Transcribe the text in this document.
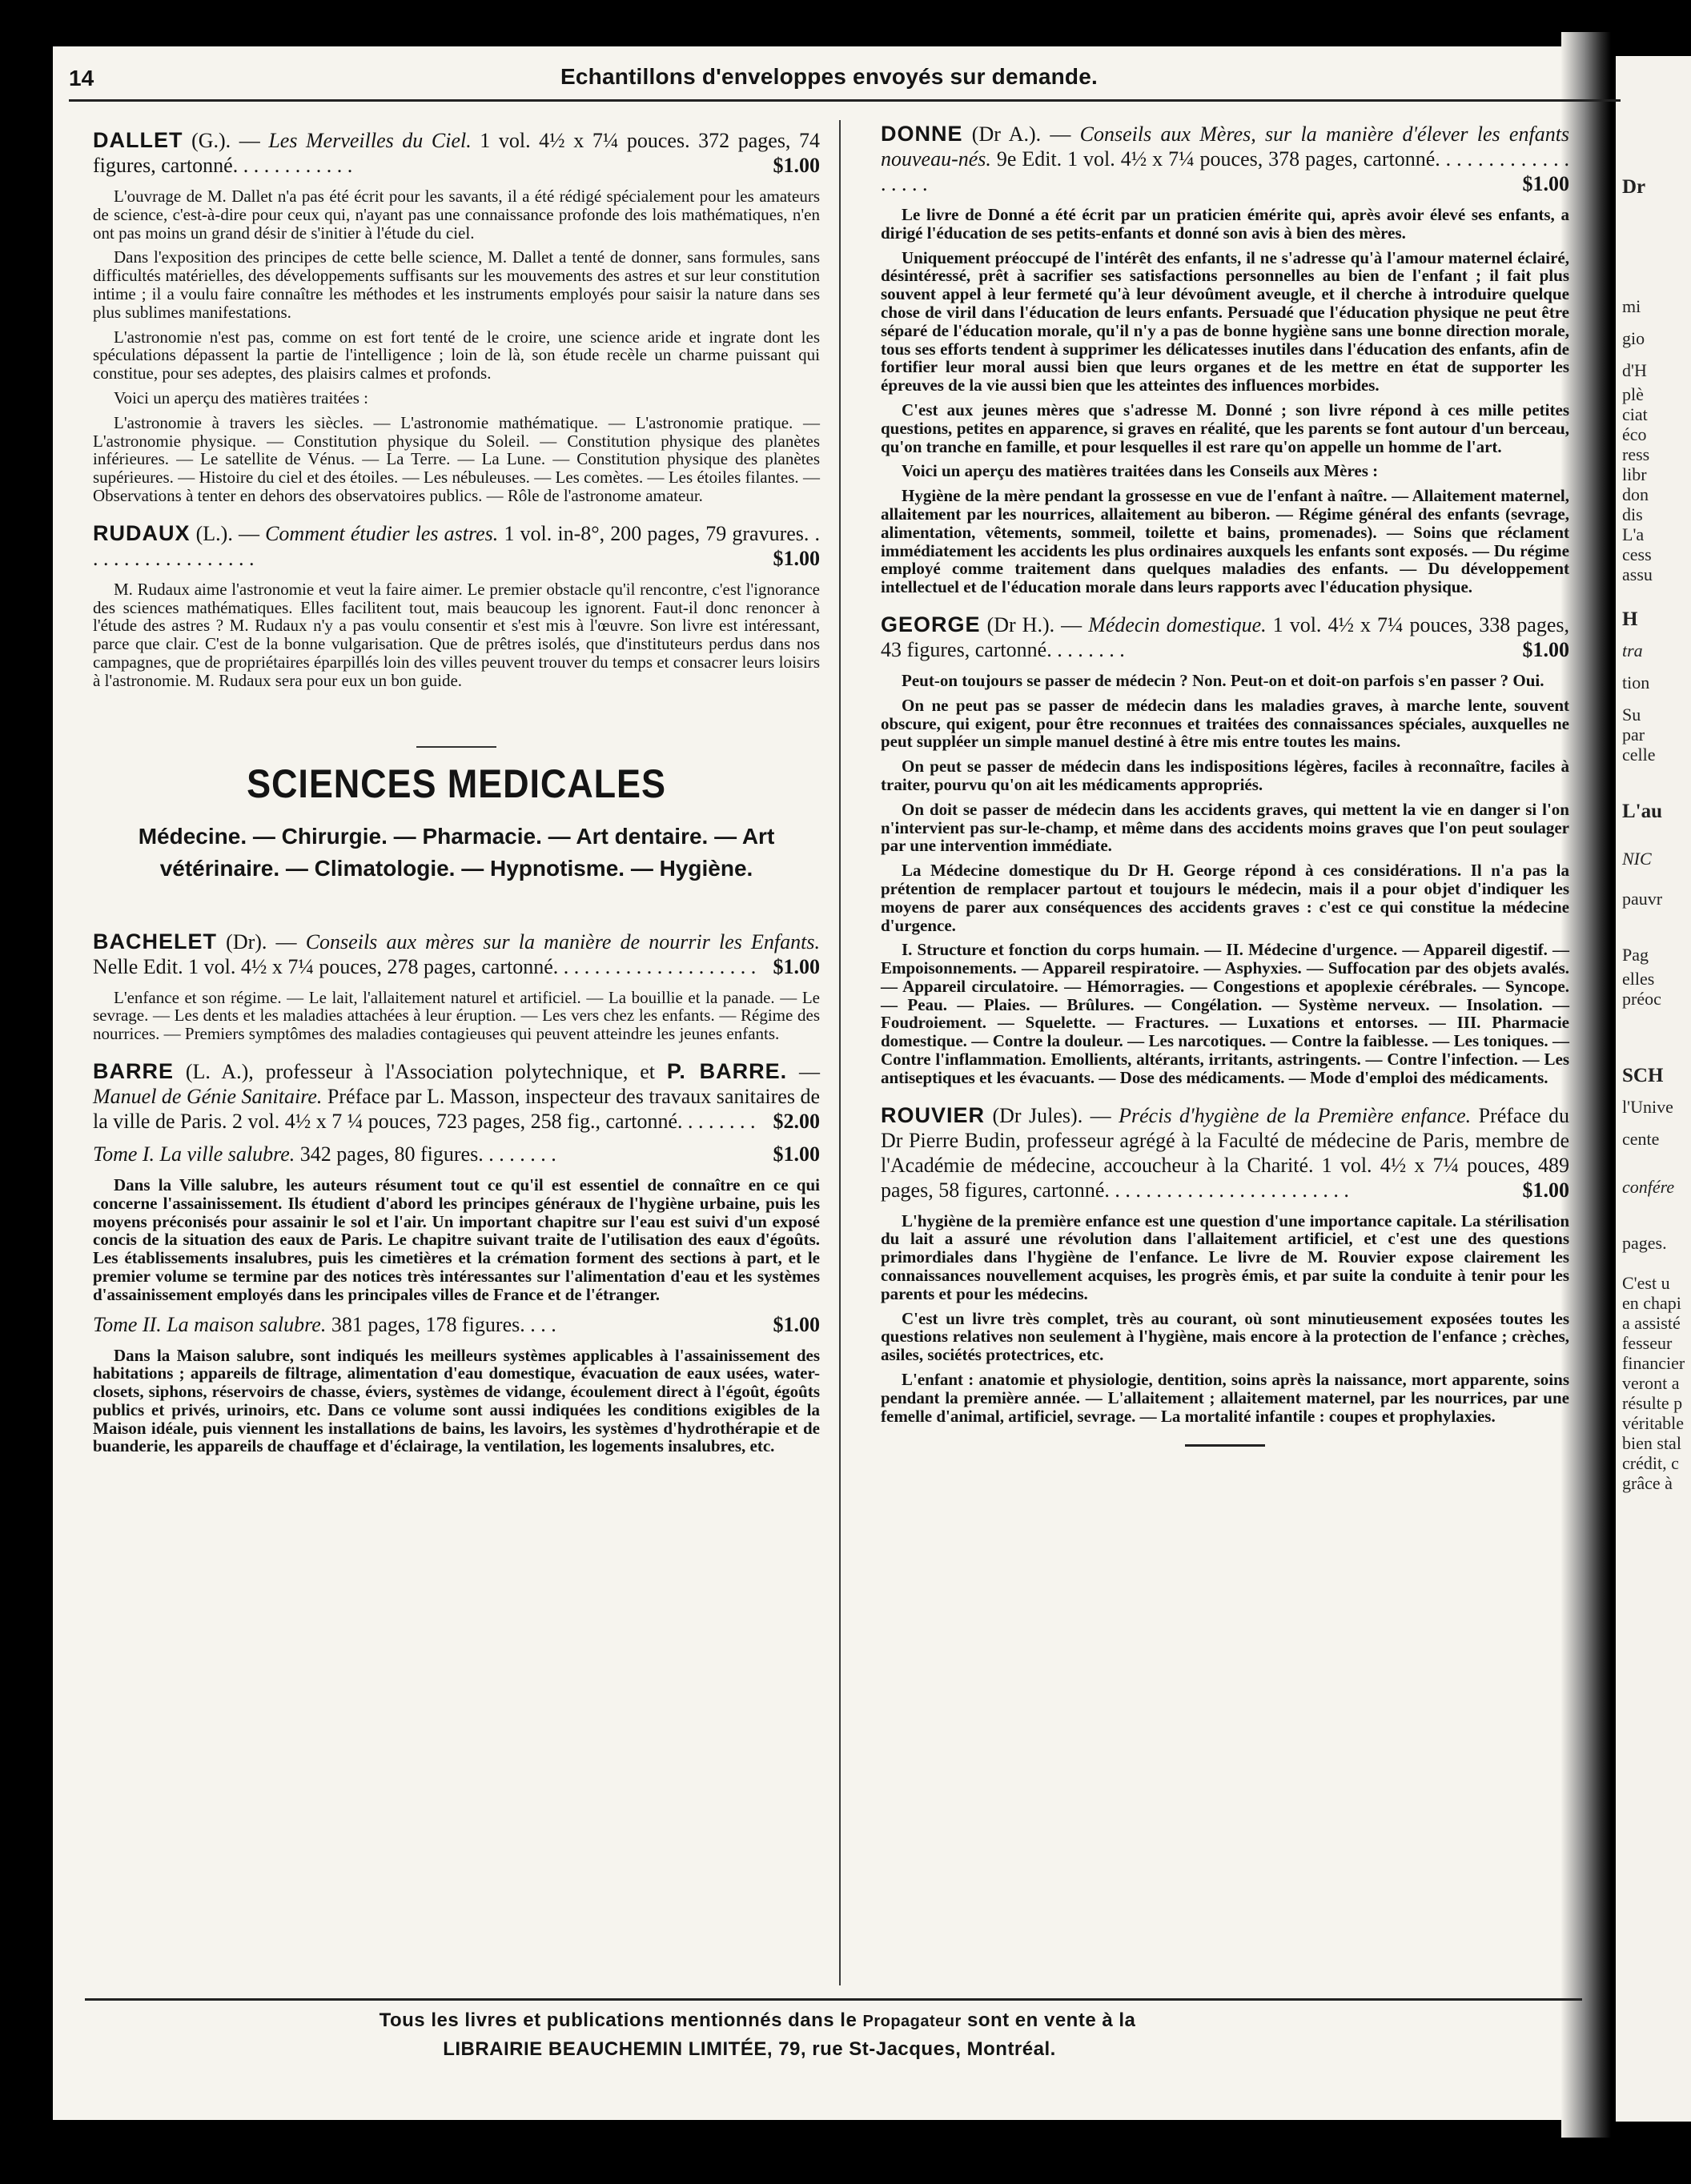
Dr
mi
gio
d'H
plè
ciat
éco
ress
libr
don
dis
L'a
cess
assu
H
tra
tion
Su
par
celle
L'au
NIC
pauvr
Pag
elles
préoc
SCH
l'Unive
cente
confére
pages.
C'est u
en chapi
a assisté
fesseur
financier
veront a
résulte p
véritable
bien stal
crédit, c
grâce à
14	Echantillons d'enveloppes envoyés sur demande.

DALLET (G.). — Les Merveilles du Ciel. 1 vol. 4½ x 7¼ pouces. 372 pages, 74 figures, cartonné. . . . . . . . . . . .	$1.00

L'ouvrage de M. Dallet n'a pas été écrit pour les savants, il a été rédigé spécialement pour les amateurs de science, c'est-à-dire pour ceux qui, n'ayant pas une connaissance profonde des lois mathématiques, n'en ont pas moins un grand désir de s'initier à l'étude du ciel.

Dans l'exposition des principes de cette belle science, M. Dallet a tenté de donner, sans formules, sans difficultés matérielles, des développements suffisants sur les mouvements des astres et sur leur constitution intime ; il a voulu faire connaître les méthodes et les instruments employés pour saisir la nature dans ses plus sublimes manifestations.

L'astronomie n'est pas, comme on est fort tenté de le croire, une science aride et ingrate dont les spéculations dépassent la partie de l'intelligence ; loin de là, son étude recèle un charme puissant qui constitue, pour ses adeptes, des plaisirs calmes et profonds.

Voici un aperçu des matières traitées :

L'astronomie à travers les siècles. — L'astronomie mathématique. — L'astronomie pratique. — L'astronomie physique. — Constitution physique du Soleil. — Constitution physique des planètes inférieures. — Le satellite de Vénus. — La Terre. — La Lune. — Constitution physique des planètes supérieures. — Histoire du ciel et des étoiles. — Les nébuleuses. — Les comètes. — Les étoiles filantes. — Observations à tenter en dehors des observatoires publics. — Rôle de l'astronome amateur.

RUDAUX (L.). — Comment étudier les astres. 1 vol. in-8°, 200 pages, 79 gravures. . . . . . . . . . . . . . . . . .	$1.00

M. Rudaux aime l'astronomie et veut la faire aimer. Le premier obstacle qu'il rencontre, c'est l'ignorance des sciences mathématiques. Elles facilitent tout, mais beaucoup les ignorent. Faut-il donc renoncer à l'étude des astres ? M. Rudaux n'y a pas voulu consentir et s'est mis à l'œuvre. Son livre est intéressant, parce que clair. C'est de la bonne vulgarisation. Que de prêtres isolés, que d'instituteurs perdus dans nos campagnes, que de propriétaires éparpillés loin des villes peuvent trouver du temps et consacrer leurs loisirs à l'astronomie. M. Rudaux sera pour eux un bon guide.

SCIENCES MEDICALES
Médecine. — Chirurgie. — Pharmacie. — Art dentaire. — Art
vétérinaire. — Climatologie. — Hypnotisme. — Hygiène.

BACHELET (Dr). — Conseils aux mères sur la manière de nourrir les Enfants. Nelle Edit. 1 vol. 4½ x 7¼ pouces, 278 pages, cartonné. . . . . . . . . . . . . . . . . . . . $1.00

L'enfance et son régime. — Le lait, l'allaitement naturel et artificiel. — La bouillie et la panade. — Le sevrage. — Les dents et les maladies attachées à leur éruption. — Les vers chez les enfants. — Régime des nourrices. — Premiers symptômes des maladies contagieuses qui peuvent atteindre les jeunes enfants.

BARRE (L. A.), professeur à l'Association polytechnique, et P. BARRE. — Manuel de Génie Sanitaire. Préface par L. Masson, inspecteur des travaux sanitaires de la ville de Paris. 2 vol. 4½ x 7 ¼ pouces, 723 pages, 258 fig., cartonné. . . . . . . . $2.00

Tome I. La ville salubre. 342 pages, 80 figures. . . . . . . .	$1.00

Dans la Ville salubre, les auteurs résument tout ce qu'il est essentiel de connaître en ce qui concerne l'assainissement. Ils étudient d'abord les principes généraux de l'hygiène urbaine, puis les moyens préconisés pour assainir le sol et l'air. Un important chapitre sur l'eau est suivi d'un exposé concis de la situation des eaux de Paris. Le chapitre suivant traite de l'utilisation des eaux d'égoûts. Les établissements insalubres, puis les cimetières et la crémation forment des sections à part, et le premier volume se termine par des notices très intéressantes sur l'alimentation d'eau et les systèmes d'assainissement employés dans les principales villes de France et de l'étranger.

Tome II. La maison salubre. 381 pages, 178 figures. . . .	$1.00

Dans la Maison salubre, sont indiqués les meilleurs systèmes applicables à l'assainissement des habitations ; appareils de filtrage, alimentation d'eau domestique, évacuation de eaux usées, water-closets, siphons, réservoirs de chasse, éviers, systèmes de vidange, écoulement direct à l'égoût, égoûts publics et privés, urinoirs, etc. Dans ce volume sont aussi indiquées les conditions exigibles de la Maison idéale, puis viennent les installations de bains, les lavoirs, les systèmes d'hydrothérapie et de buanderie, les appareils de chauffage et d'éclairage, la ventilation, les logements insalubres, etc.

DONNE (Dr A.). — Conseils aux Mères, sur la manière d'élever les enfants nouveau-nés. 9e Edit. 1 vol. 4½ x 7¼ pouces, 378 pages, cartonné. . . . . . . . . . . . . . . . . .	$1.00

Le livre de Donné a été écrit par un praticien émérite qui, après avoir élevé ses enfants, a dirigé l'éducation de ses petits-enfants et donné son avis à bien des mères.

Uniquement préoccupé de l'intérêt des enfants, il ne s'adresse qu'à l'amour maternel éclairé, désintéressé, prêt à sacrifier ses satisfactions personnelles au bien de l'enfant ; il fait plus souvent appel à leur fermeté qu'à leur dévoûment aveugle, et il cherche à introduire quelque chose de viril dans l'éducation de leurs enfants. Persuadé que l'éducation physique ne peut être séparé de l'éducation morale, qu'il n'y a pas de bonne hygiène sans une bonne direction morale, tous ses efforts tendent à supprimer les délicatesses inutiles dans l'éducation des enfants, afin de fortifier leur moral aussi bien que leurs organes et de les mettre en état de supporter les épreuves de la vie aussi bien que les atteintes des influences morbides.

C'est aux jeunes mères que s'adresse M. Donné ; son livre répond à ces mille petites questions, petites en apparence, si graves en réalité, que les parents se font autour d'un berceau, qu'on tranche en famille, et pour lesquelles il est rare qu'on appelle un homme de l'art.

Voici un aperçu des matières traitées dans les Conseils aux Mères :

Hygiène de la mère pendant la grossesse en vue de l'enfant à naître. — Allaitement maternel, allaitement par les nourrices, allaitement au biberon. — Régime général des enfants (sevrage, alimentation, vêtements, sommeil, toilette et bains, promenades). — Soins que réclament immédiatement les accidents les plus ordinaires auxquels les enfants sont exposés. — Du régime employé comme traitement dans quelques maladies des enfants. — Du développement intellectuel et de l'éducation morale dans leurs rapports avec l'éducation physique.

GEORGE (Dr H.). — Médecin domestique. 1 vol. 4½ x 7¼ pouces, 338 pages, 43 figures, cartonné. . . . . . . .	$1.00

Peut-on toujours se passer de médecin ? Non. Peut-on et doit-on parfois s'en passer ? Oui.

On ne peut pas se passer de médecin dans les maladies graves, à marche lente, souvent obscure, qui exigent, pour être reconnues et traitées des connaissances spéciales, auxquelles ne peut suppléer un simple manuel destiné à être mis entre toutes les mains.

On peut se passer de médecin dans les indispositions légères, faciles à reconnaître, faciles à traiter, pourvu qu'on ait les médicaments appropriés.

On doit se passer de médecin dans les accidents graves, qui mettent la vie en danger si l'on n'intervient pas sur-le-champ, et même dans des accidents moins graves que l'on peut soulager par une intervention immédiate.

La Médecine domestique du Dr H. George répond à ces considérations. Il n'a pas la prétention de remplacer partout et toujours le médecin, mais il a pour objet d'indiquer les moyens de parer aux conséquences des accidents graves : c'est ce qui constitue la médecine d'urgence.

I. Structure et fonction du corps humain. — II. Médecine d'urgence. — Appareil digestif. — Empoisonnements. — Appareil respiratoire. — Asphyxies. — Suffocation par des objets avalés. — Appareil circulatoire. — Hémorragies. — Congestions et apoplexie cérébrales. — Syncope. — Peau. — Plaies. — Brûlures. — Congélation. — Système nerveux. — Insolation. — Foudroiement. — Squelette. — Fractures. — Luxations et entorses. — III. Pharmacie domestique. — Contre la douleur. — Les narcotiques. — Contre la faiblesse. — Les toniques. — Contre l'inflammation. Emollients, altérants, irritants, astringents. — Contre l'infection. — Les antiseptiques et les évacuants. — Dose des médicaments. — Mode d'emploi des médicaments.

ROUVIER (Dr Jules). — Précis d'hygiène de la Première enfance. Préface du Dr Pierre Budin, professeur agrégé à la Faculté de médecine de Paris, membre de l'Académie de médecine, accoucheur à la Charité. 1 vol. 4½ x 7¼ pouces, 489 pages, 58 figures, cartonné. . . . . . . . . . . . . . . . . . . . . . . .	$1.00

L'hygiène de la première enfance est une question d'une importance capitale. La stérilisation du lait a assuré une révolution dans l'allaitement artificiel, et c'est une des questions primordiales dans l'hygiène de l'enfance. Le livre de M. Rouvier expose clairement les connaissances nouvellement acquises, les progrès émis, et par suite la conduite à tenir pour les parents et pour les médecins.

C'est un livre très complet, très au courant, où sont minutieusement exposées toutes les questions relatives non seulement à l'hygiène, mais encore à la protection de l'enfance ; crèches, asiles, sociétés protectrices, etc.

L'enfant : anatomie et physiologie, dentition, soins après la naissance, mort apparente, soins pendant la première année. — L'allaitement ; allaitement maternel, par les nourrices, par une femelle d'animal, artificiel, sevrage. — La mortalité infantile : coupes et prophylaxies.

Tous les livres et publications mentionnés dans le Propagateur sont en vente à la
LIBRAIRIE BEAUCHEMIN LIMITÉE, 79, rue St-Jacques, Montréal.
